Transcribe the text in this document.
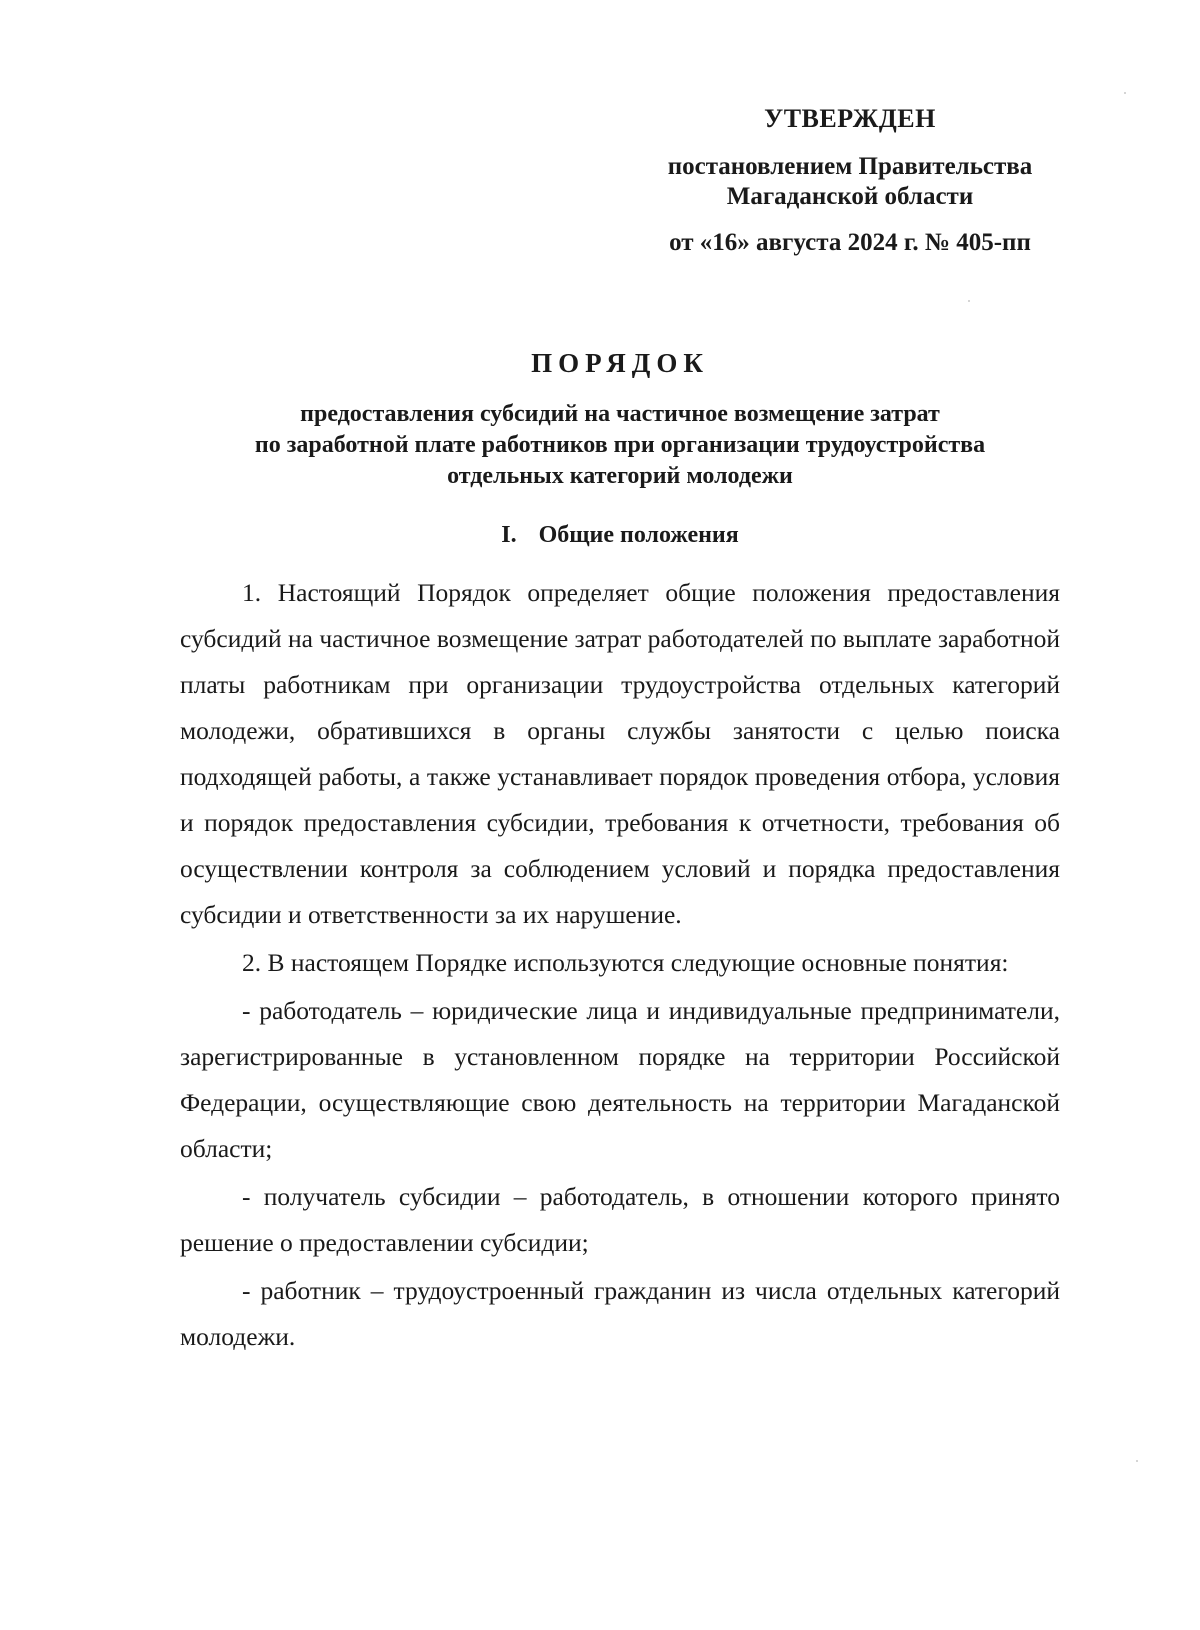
УТВЕРЖДЕН
постановлением Правительства
Магаданской области
от «16» августа 2024 г. № 405-пп
ПОРЯДОК
предоставления субсидий на частичное возмещение затрат
по заработной плате работников при организации трудоустройства
отдельных категорий молодежи
I. Общие положения

1. Настоящий Порядок определяет общие положения предоставления субсидий на частичное возмещение затрат работодателей по выплате заработной платы работникам при организации трудоустройства отдельных категорий молодежи, обратившихся в органы службы занятости с целью поиска подходящей работы, а также устанавливает порядок проведения отбора, условия и порядок предоставления субсидии, требования к отчетности, требования об осуществлении контроля за соблюдением условий и порядка предоставления субсидии и ответственности за их нарушение.

2. В настоящем Порядке используются следующие основные понятия:

- работодатель – юридические лица и индивидуальные предприниматели, зарегистрированные в установленном порядке на территории Российской Федерации, осуществляющие свою деятельность на территории Магаданской области;

- получатель субсидии – работодатель, в отношении которого принято решение о предоставлении субсидии;

- работник – трудоустроенный гражданин из числа отдельных категорий молодежи.
